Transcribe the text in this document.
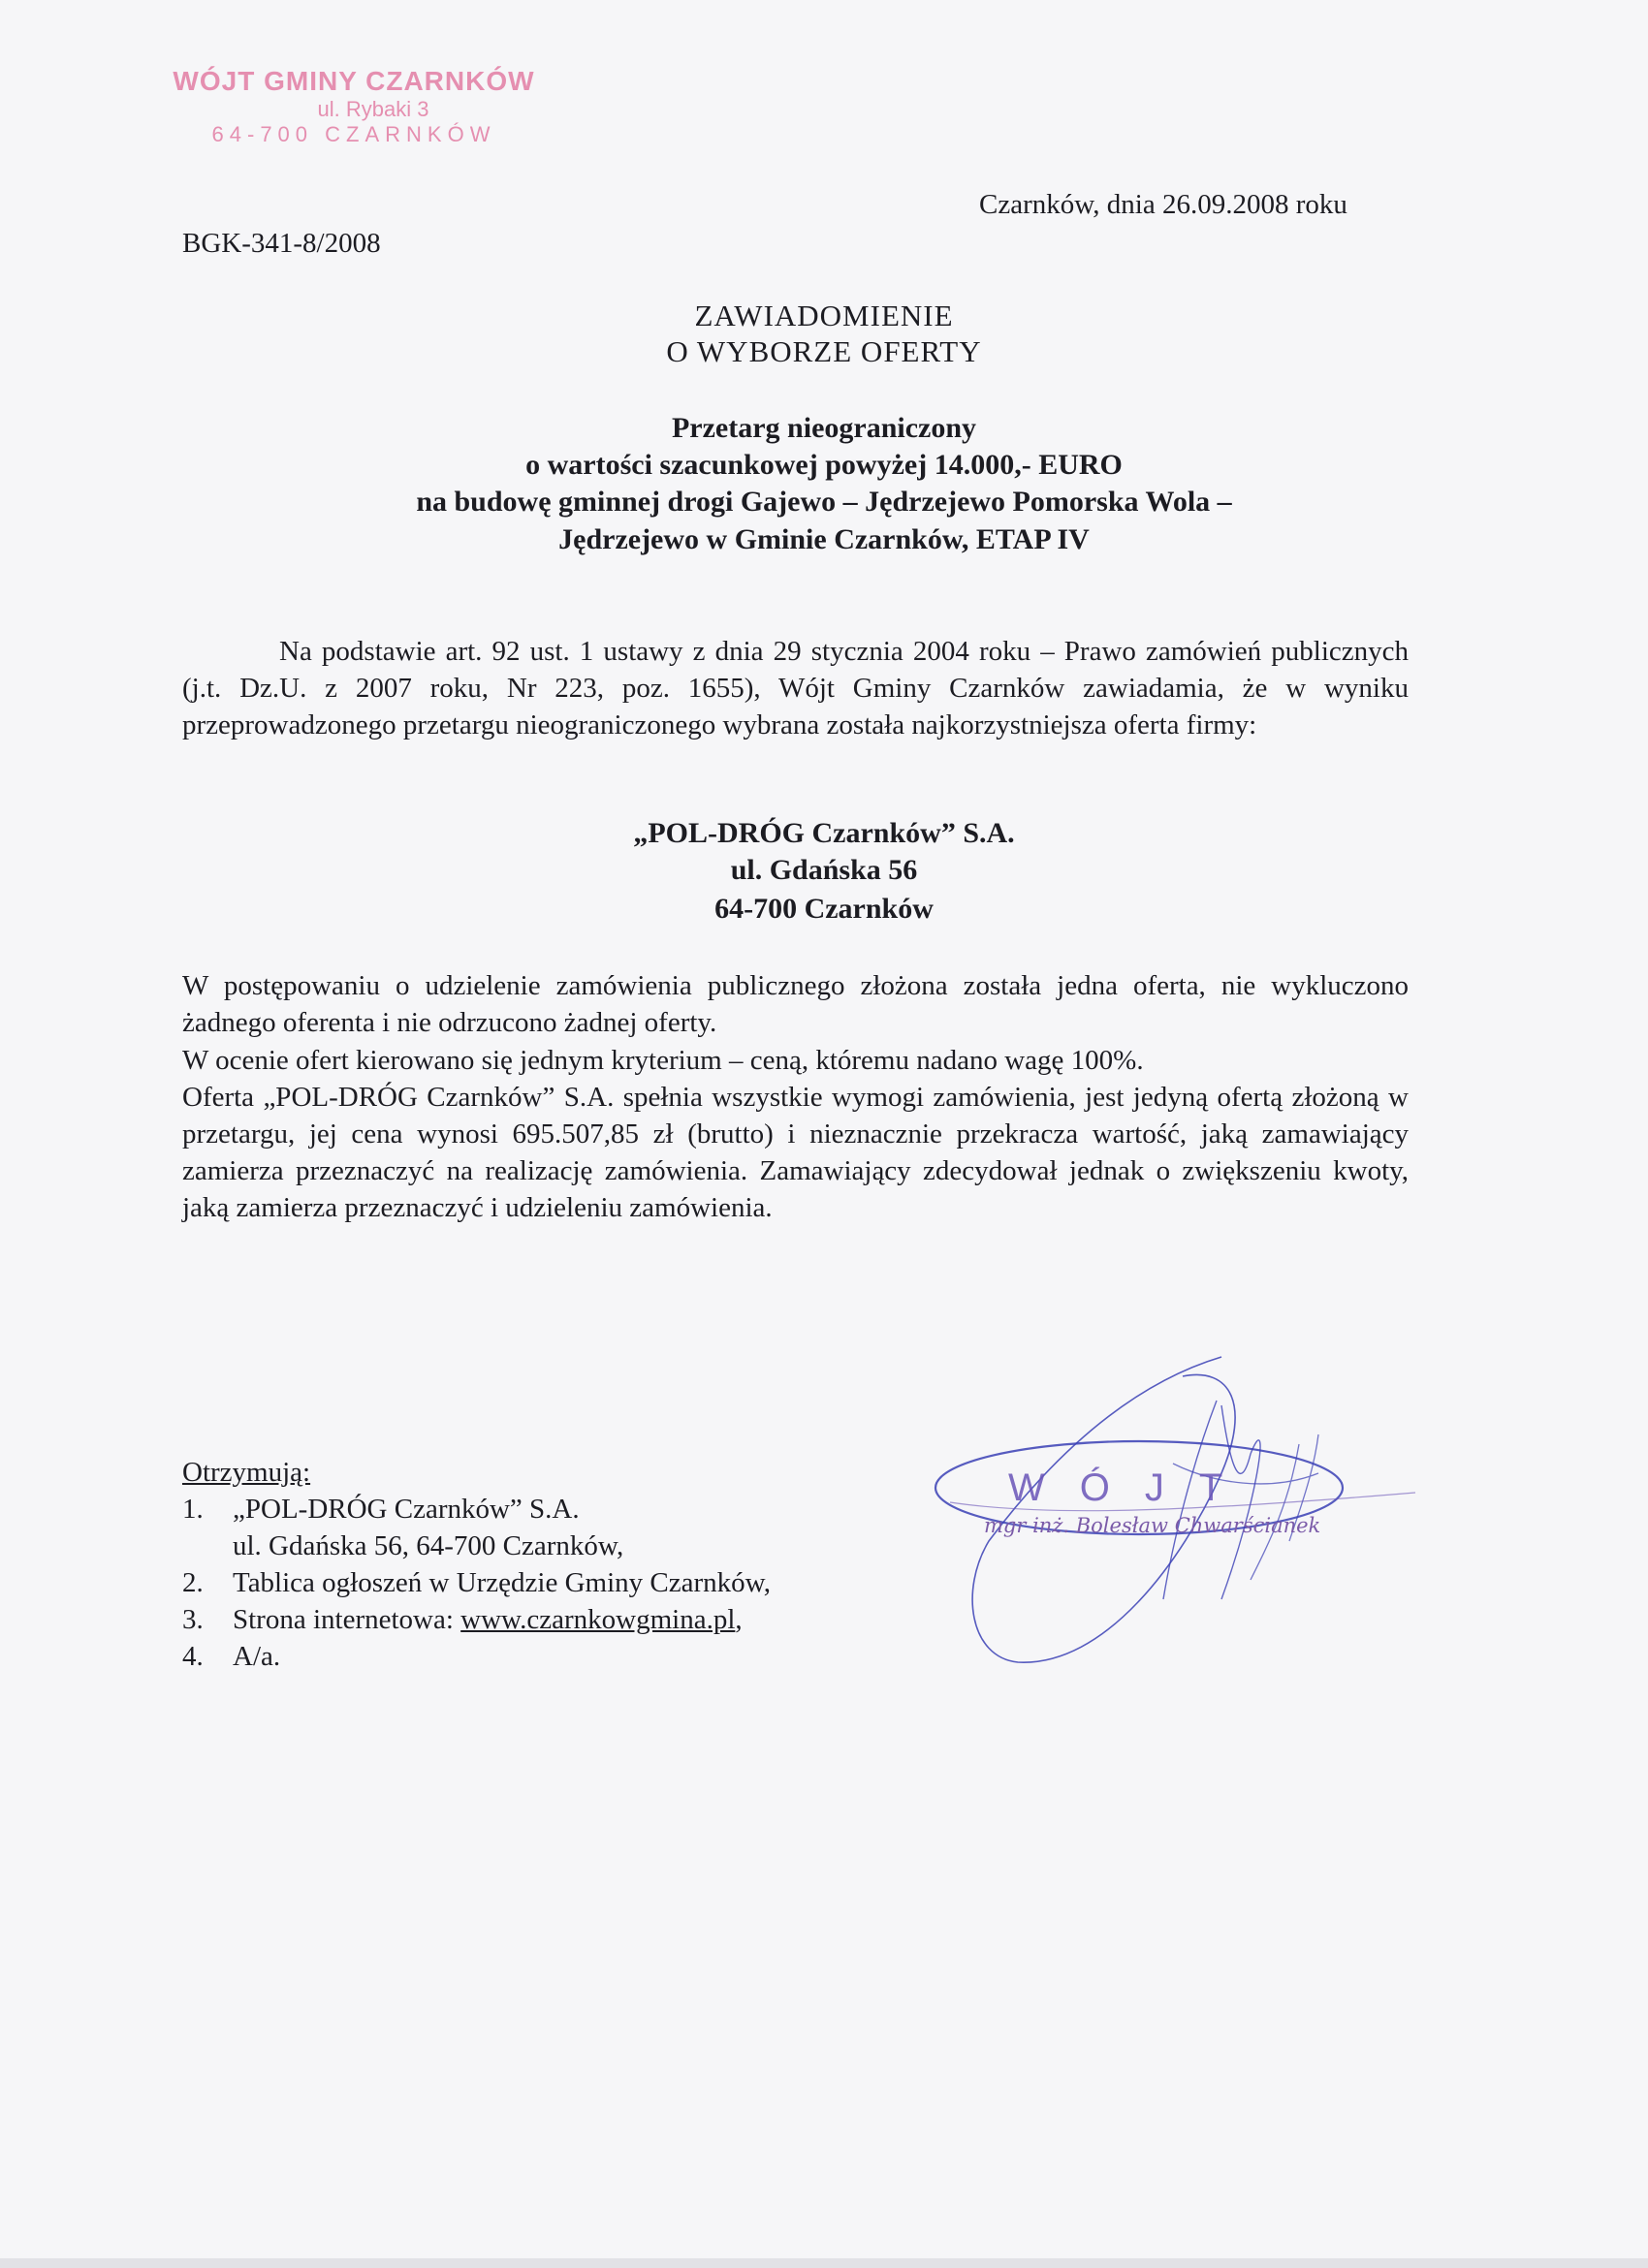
WÓJT GMINY CZARNKÓW
ul. Rybaki 3
64-700 CZARNKÓW
Czarnków, dnia 26.09.2008 roku
BGK-341-8/2008
ZAWIADOMIENIE
O WYBORZE OFERTY
Przetarg nieograniczony
o wartości szacunkowej powyżej 14.000,- EURO
na budowę gminnej drogi Gajewo – Jędrzejewo Pomorska Wola –
Jędrzejewo w Gminie Czarnków, ETAP IV
Na podstawie art. 92 ust. 1 ustawy z dnia 29 stycznia 2004 roku – Prawo zamówień publicznych (j.t. Dz.U. z 2007 roku, Nr 223, poz. 1655), Wójt Gminy Czarnków zawiadamia, że w wyniku przeprowadzonego przetargu nieograniczonego wybrana została najkorzystniejsza oferta firmy:
„POL-DRÓG Czarnków” S.A.
ul. Gdańska 56
64-700 Czarnków
W postępowaniu o udzielenie zamówienia publicznego złożona została jedna oferta, nie wykluczono żadnego oferenta i nie odrzucono żadnej oferty.
W ocenie ofert kierowano się jednym kryterium – ceną, któremu nadano wagę 100%.
Oferta „POL-DRÓG Czarnków” S.A. spełnia wszystkie wymogi zamówienia, jest jedyną ofertą złożoną w przetargu, jej cena wynosi 695.507,85 zł (brutto) i nieznacznie przekracza wartość, jaką zamawiający zamierza przeznaczyć na realizację zamówienia. Zamawiający zdecydował jednak o zwiększeniu kwoty, jaką zamierza przeznaczyć i udzieleniu zamówienia.
Otrzymują:
1.	„POL-DRÓG Czarnków” S.A.
ul. Gdańska 56, 64-700 Czarnków,
2.	Tablica ogłoszeń w Urzędzie Gminy Czarnków,
3.	Strona internetowa: www.czarnkowgmina.pl,
4.	A/a.
WÓJT
mgr inż. Bolesław Chwarścianek
